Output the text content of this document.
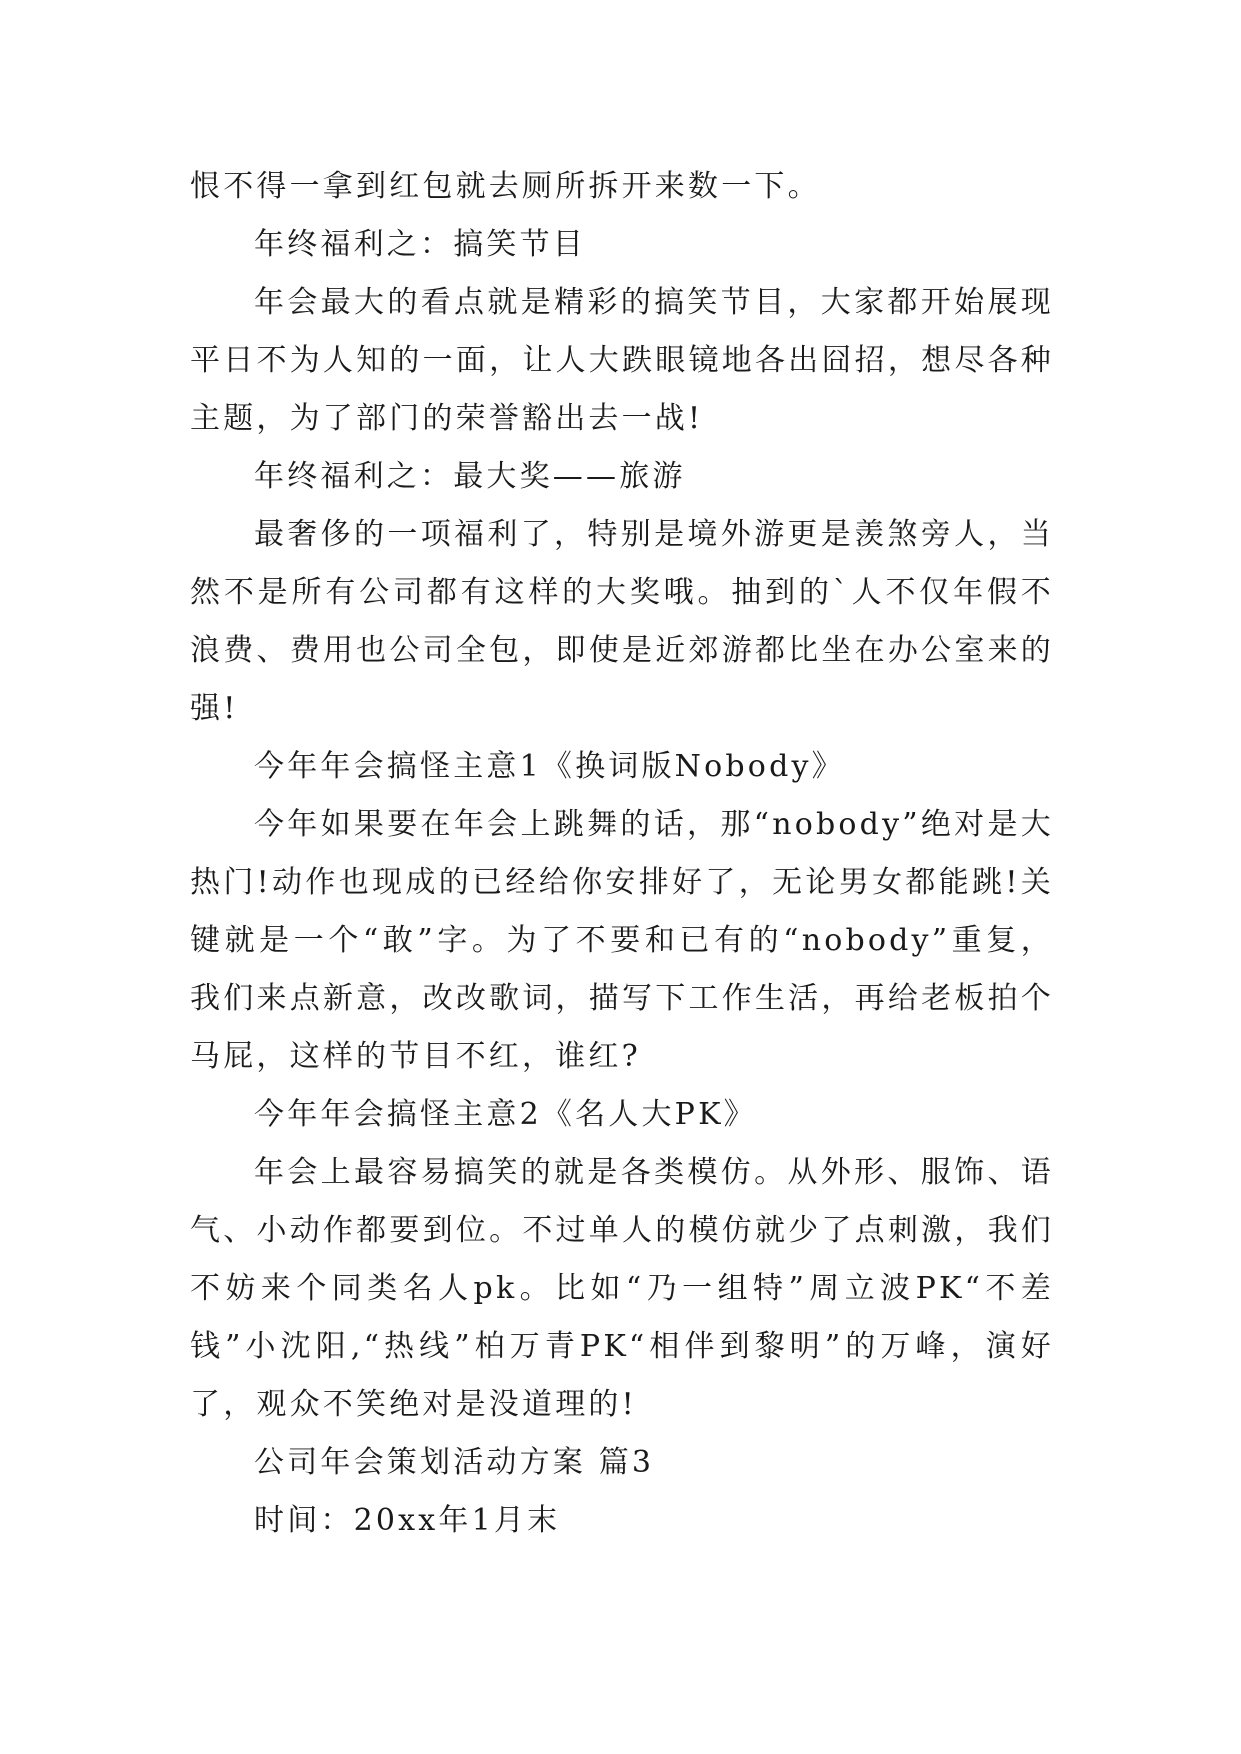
恨不得一拿到红包就去厕所拆开来数一下。

年终福利之：搞笑节目

年会最大的看点就是精彩的搞笑节目，大家都开始展现平日不为人知的一面，让人大跌眼镜地各出囧招，想尽各种主题，为了部门的荣誉豁出去一战!

年终福利之：最大奖——旅游

最奢侈的一项福利了，特别是境外游更是羡煞旁人，当然不是所有公司都有这样的大奖哦。抽到的`人不仅年假不浪费、费用也公司全包，即使是近郊游都比坐在办公室来的强!

今年年会搞怪主意1《换词版Nobody》

今年如果要在年会上跳舞的话，那“nobody”绝对是大热门!动作也现成的已经给你安排好了，无论男女都能跳!关键就是一个“敢”字。为了不要和已有的“nobody”重复，我们来点新意，改改歌词，描写下工作生活，再给老板拍个马屁，这样的节目不红，谁红?

今年年会搞怪主意2《名人大PK》

年会上最容易搞笑的就是各类模仿。从外形、服饰、语气、小动作都要到位。不过单人的模仿就少了点刺激，我们不妨来个同类名人pk。比如“乃一组特”周立波PK“不差钱”小沈阳,“热线”柏万青PK“相伴到黎明”的万峰，演好了，观众不笑绝对是没道理的!

公司年会策划活动方案 篇3

时间：20xx年1月末
